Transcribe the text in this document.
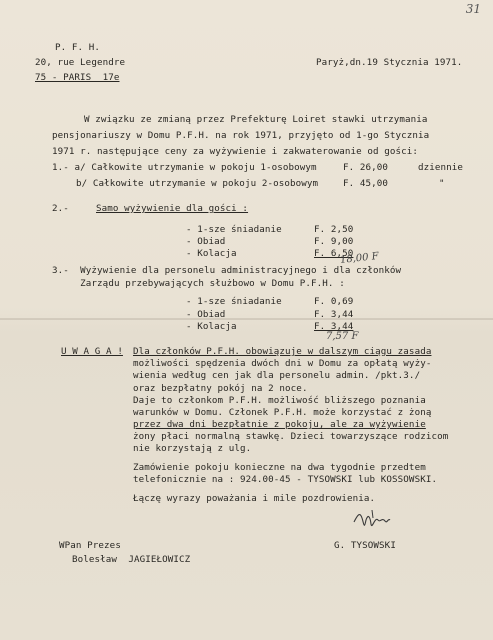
31
P. F. H.
20, rue Legendre
75 - PARIS  17e
Paryż,dn.19 Stycznia 1971.
W związku ze zmianą przez Prefekturę Loiret stawki utrzymania
pensjonariuszy w Domu P.F.H. na rok 1971, przyjęto od 1-go Stycznia
1971 r. następujące ceny za wyżywienie i zakwaterowanie od gości:
1.- a/ Całkowite utrzymanie w pokoju 1-osobowym	F. 26,00	dziennie
b/ Całkowite utrzymanie w pokoju 2-osobowym	F. 45,00	"
2.-	Samo wyżywienie dla gości :
- 1-sze śniadanie	F. 2,50
- Obiad	F. 9,00
- Kolacja	F. 6,50
18,00 F
3.-  Wyżywienie dla personelu administracyjnego i dla członków
Zarządu przebywających służbowo w Domu P.F.H. :
- 1-sze śniadanie	F. 0,69
- Obiad	F. 3,44
- Kolacja	F. 3,44
7,57 F
U W A G A ! Dla członków P.F.H. obowiązuje w dalszym ciągu zasada
możliwości spędzenia dwóch dni w Domu za opłatą wyży-
wienia według cen jak dla personelu admin. /pkt.3./
oraz bezpłatny pokój na 2 noce.
Daje to członkom P.F.H. możliwość bliższego poznania
warunków w Domu. Członek P.F.H. może korzystać z żoną
przez dwa dni bezpłatnie z pokoju, ale za wyżywienie
żony płaci normalną stawkę. Dzieci towarzyszące rodzicom
nie korzystają z ulg.
Zamówienie pokoju konieczne na dwa tygodnie przedtem
telefonicznie na : 924.00-45 - TYSOWSKI lub KOSSOWSKI.
Łączę wyrazy poważania i mile pozdrowienia.
WPan Prezes
Bolesław  JAGIEŁOWICZ
G. TYSOWSKI
